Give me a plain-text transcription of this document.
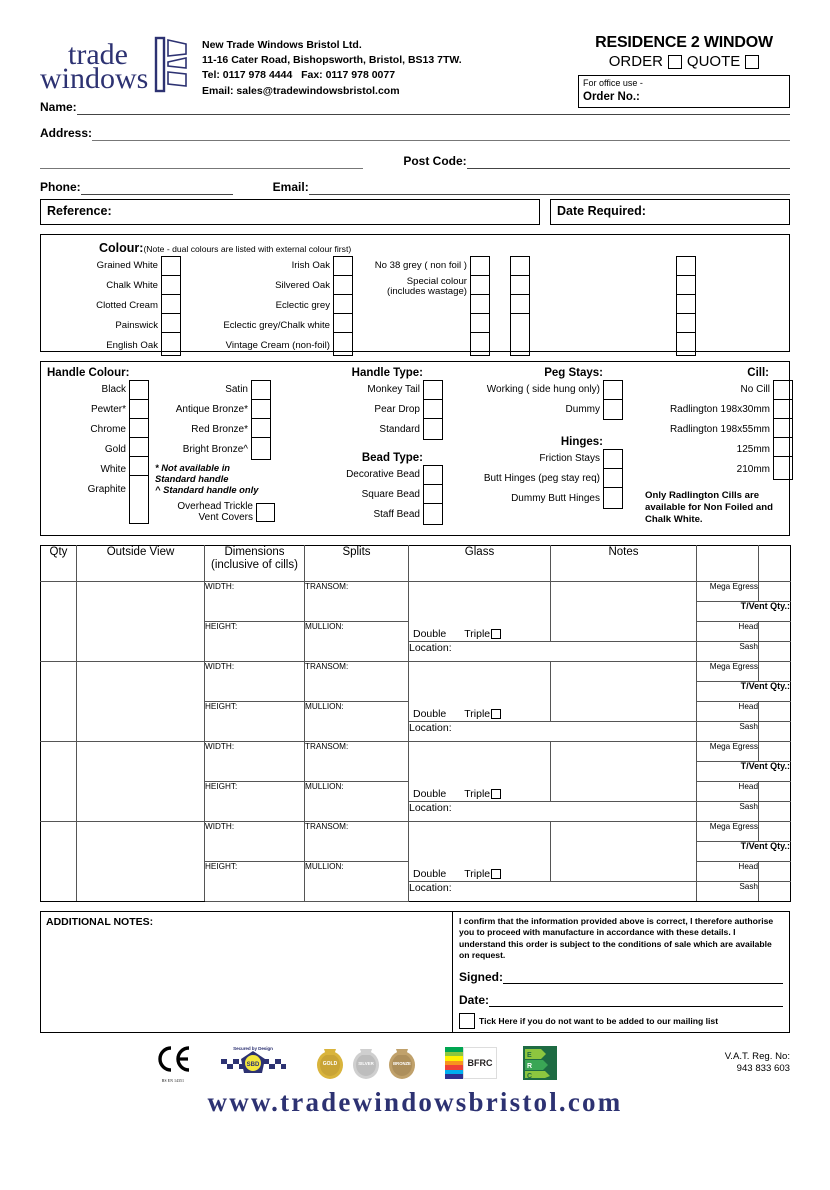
trade
windows
New Trade Windows Bristol Ltd.
11-16 Cater Road, Bishopsworth, Bristol, BS13 7TW.
Tel: 0117 978 4444 Fax: 0117 978 0077
Email: sales@tradewindowsbristol.com
RESIDENCE 2 WINDOW
ORDER QUOTE
For office use -
Order No.:
Name:
Address:
Post Code:
Phone:	Email:
Reference:	Date Required:
Colour:(Note - dual colours are listed with external colour first)
Grained White
Chalk White
Clotted Cream
Painswick
English Oak
Irish Oak
Silvered Oak
Eclectic grey
Eclectic grey/Chalk white
Vintage Cream (non-foil)
No 38 grey ( non foil )
Special colour
(includes wastage)
Handle Colour:
Black
Pewter*
Chrome
Gold
White
Graphite
Satin
Antique Bronze*
Red Bronze*
Bright Bronze^
* Not available in
Standard handle
^ Standard handle only
Overhead Trickle
Vent Covers
Handle Type:
Monkey Tail
Pear Drop
Standard
Bead Type:
Decorative Bead
Square Bead
Staff Bead
Peg Stays:
Working ( side hung only)
Dummy
Hinges:
Friction Stays
Butt Hinges (peg stay req)
Dummy Butt Hinges
Cill:
No Cill
Radlington 198x30mm
Radlington 198x55mm
125mm
210mm
Only Radlington Cills are
available for Non Foiled and
Chalk White.
Qty	Outside View	Dimensions
(inclusive of cills)	Splits	Glass	Notes		
		WIDTH:	TRANSOM:	Double Triple		Mega Egress	
						T/Vent Qty.:	
		HEIGHT:	MULLION:			Head	
				Location:		Sash	
		WIDTH:	TRANSOM:	Double Triple		Mega Egress	
						T/Vent Qty.:	
		HEIGHT:	MULLION:			Head	
				Location:		Sash	
		WIDTH:	TRANSOM:	Double Triple		Mega Egress	
						T/Vent Qty.:	
		HEIGHT:	MULLION:			Head	
				Location:		Sash	
		WIDTH:	TRANSOM:	Double Triple		Mega Egress	
						T/Vent Qty.:	
		HEIGHT:	MULLION:			Head	
				Location:		Sash	
ADDITIONAL NOTES:	I confirm that the information provided above is correct, I therefore authorise you to proceed with manufacture in accordance with these details. I understand this order is subject to the conditions of sale which are available on request.

Signed:
Date:
Tick Here if you do not want to be added to our mailing list
BS EN 14351
Secured by Design
SBD	GOLD	SILVER	BRONZE	BFRC
E
R
C
V.A.T. Reg. No:
943 833 603
www.tradewindowsbristol.com
